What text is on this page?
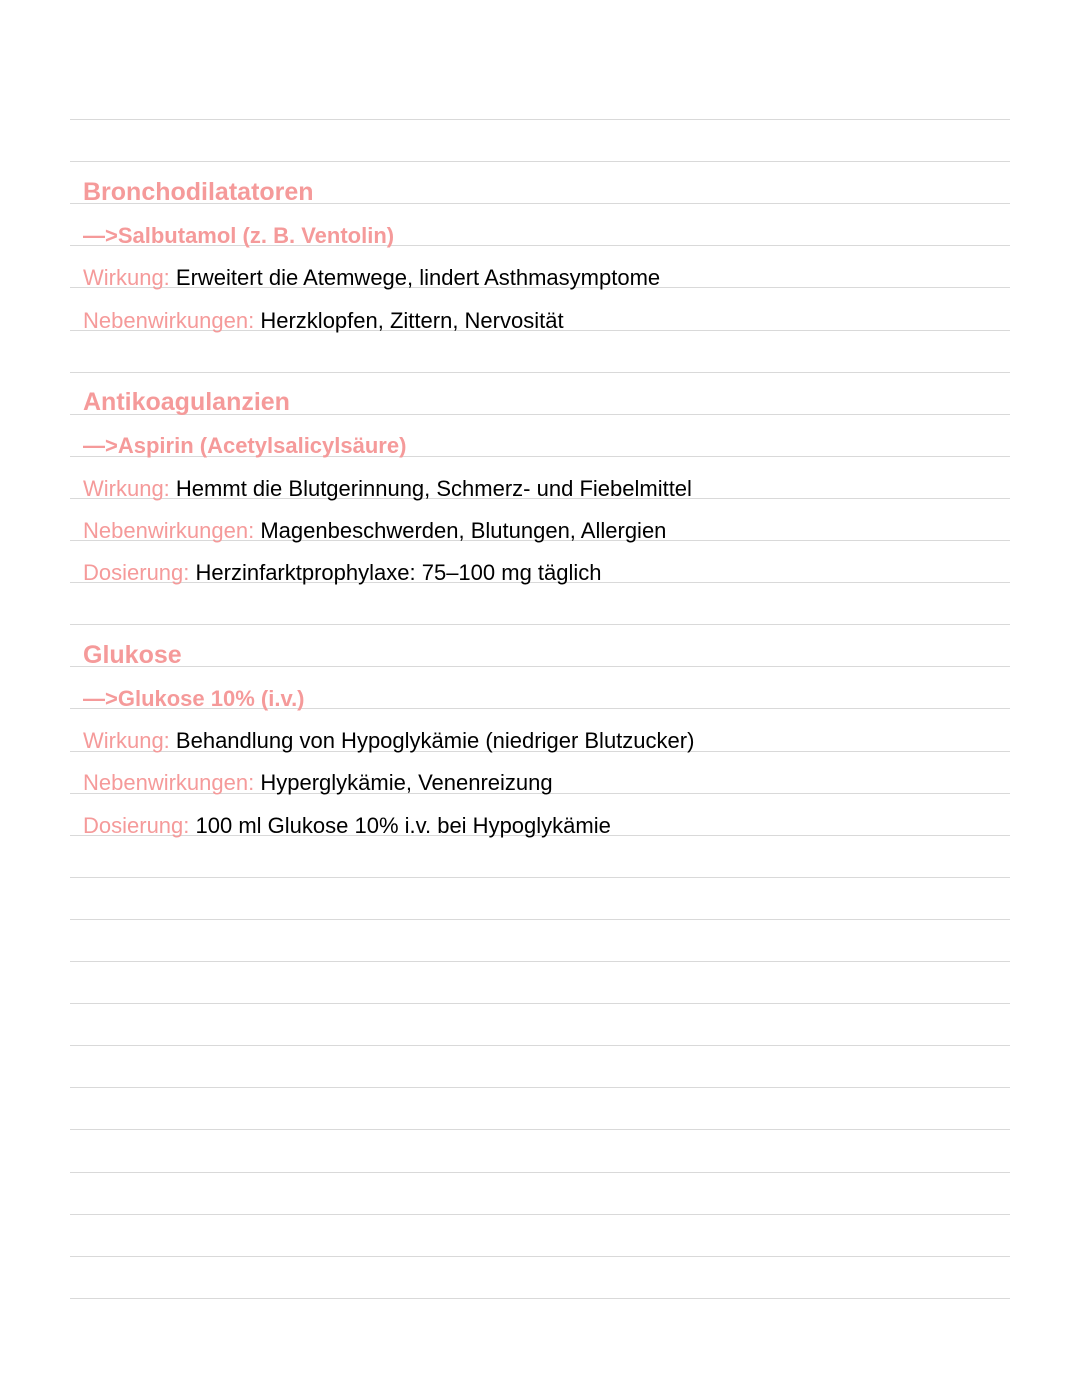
Bronchodilatatoren
—>Salbutamol (z. B. Ventolin)
Wirkung: Erweitert die Atemwege, lindert Asthmasymptome
Nebenwirkungen: Herzklopfen, Zittern, Nervosität
Antikoagulanzien
—>Aspirin (Acetylsalicylsäure)
Wirkung: Hemmt die Blutgerinnung, Schmerz- und Fiebelmittel
Nebenwirkungen: Magenbeschwerden, Blutungen, Allergien
Dosierung: Herzinfarktprophylaxe: 75–100 mg täglich
Glukose
—>Glukose 10% (i.v.)
Wirkung: Behandlung von Hypoglykämie (niedriger Blutzucker)
Nebenwirkungen: Hyperglykämie, Venenreizung
Dosierung: 100 ml Glukose 10% i.v. bei Hypoglykämie
